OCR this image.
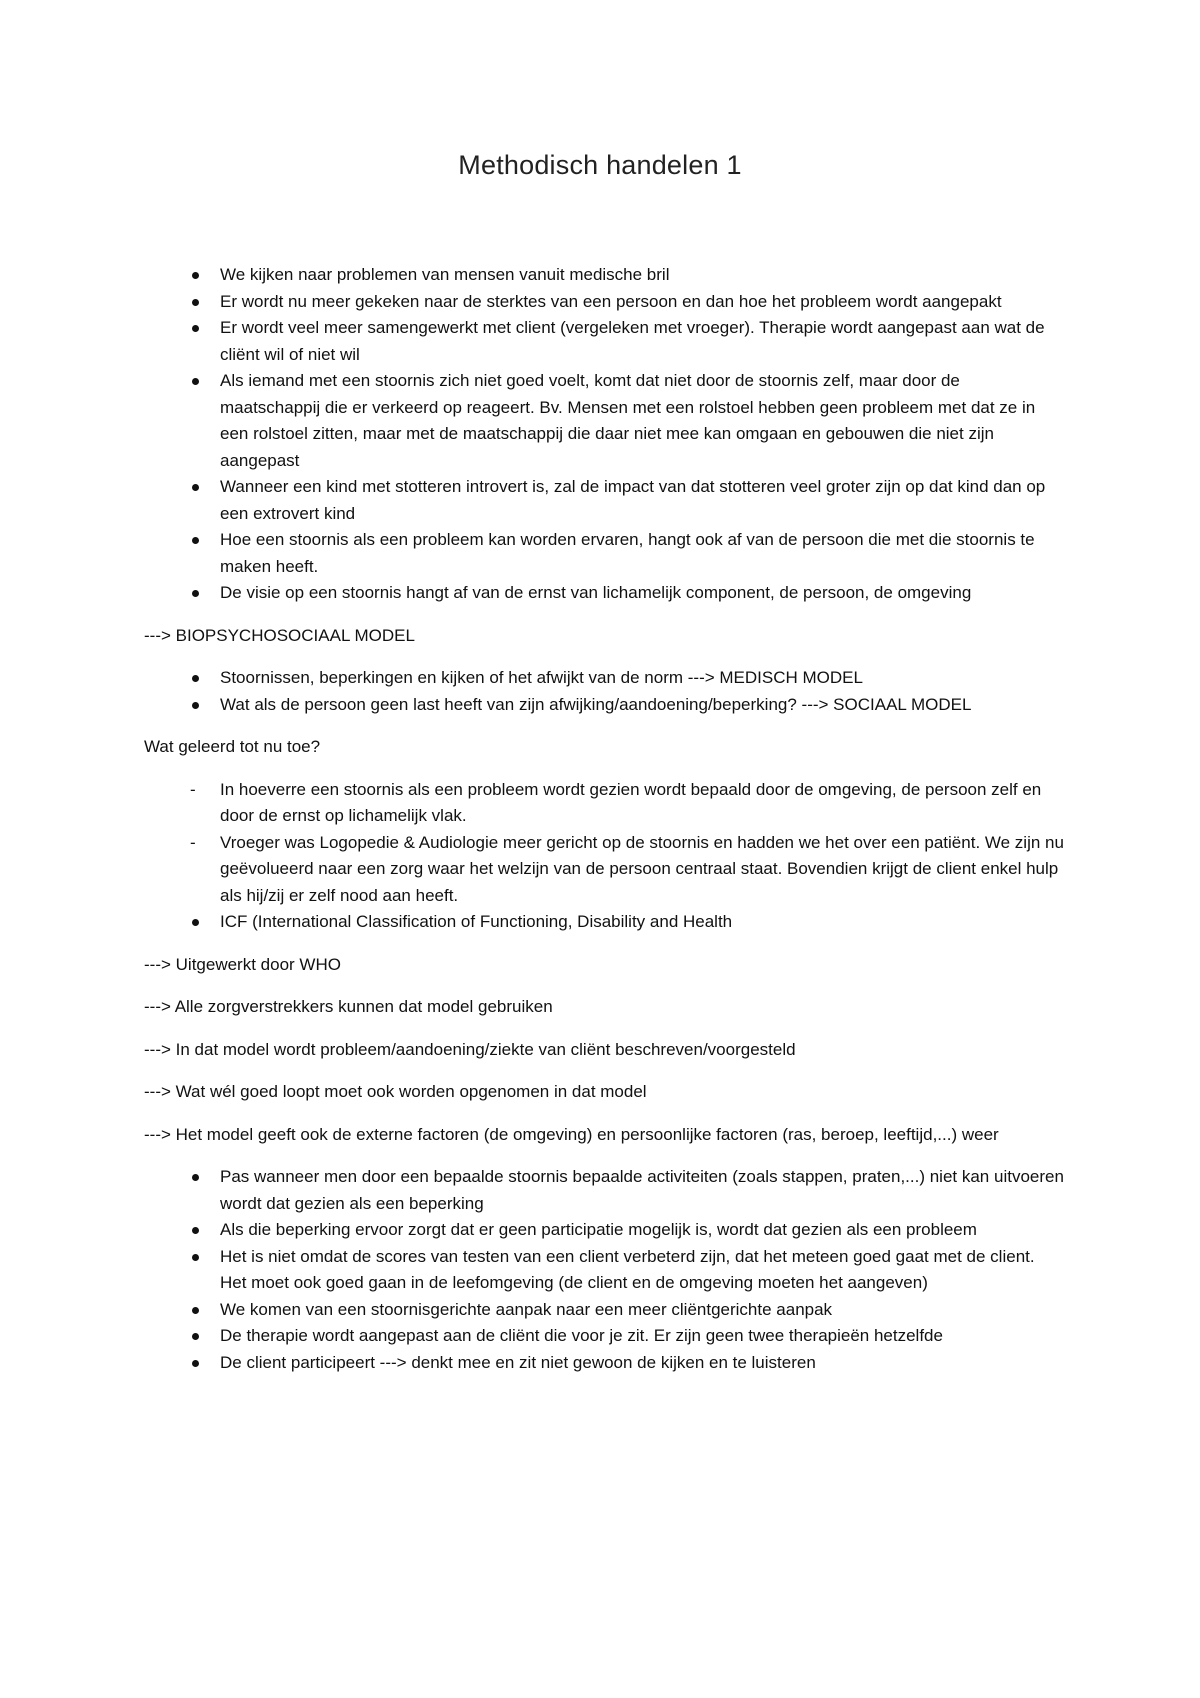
Methodisch handelen 1
We kijken naar problemen van mensen vanuit medische bril
Er wordt nu meer gekeken naar de sterktes van een persoon en dan hoe het probleem wordt aangepakt
Er wordt veel meer samengewerkt met client (vergeleken met vroeger). Therapie wordt aangepast aan wat de cliënt wil of niet wil
Als iemand met een stoornis zich niet goed voelt, komt dat niet door de stoornis zelf, maar door de maatschappij die er verkeerd op reageert. Bv. Mensen met een rolstoel hebben geen probleem met dat ze in een rolstoel zitten, maar met de maatschappij die daar niet mee kan omgaan en gebouwen die niet zijn aangepast
Wanneer een kind met stotteren introvert is, zal de impact van dat stotteren veel groter zijn op dat kind dan op een extrovert kind
Hoe een stoornis als een probleem kan worden ervaren, hangt ook af van de persoon die met die stoornis te maken heeft.
De visie op een stoornis hangt af van de ernst van lichamelijk component, de persoon, de omgeving

---> BIOPSYCHOSOCIAAL MODEL

Stoornissen, beperkingen en kijken of het afwijkt van de norm ---> MEDISCH MODEL
Wat als de persoon geen last heeft van zijn afwijking/aandoening/beperking? ---> SOCIAAL MODEL

Wat geleerd tot nu toe?

In hoeverre een stoornis als een probleem wordt gezien wordt bepaald door de omgeving, de persoon zelf en door de ernst op lichamelijk vlak.
Vroeger was Logopedie & Audiologie meer gericht op de stoornis en hadden we het over een patiënt. We zijn nu geëvolueerd naar een zorg waar het welzijn van de persoon centraal staat. Bovendien krijgt de client enkel hulp als hij/zij er zelf nood aan heeft.
ICF (International Classification of Functioning, Disability and Health

---> Uitgewerkt door WHO

---> Alle zorgverstrekkers kunnen dat model gebruiken

---> In dat model wordt probleem/aandoening/ziekte van cliënt beschreven/voorgesteld

---> Wat wél goed loopt moet ook worden opgenomen in dat model

---> Het model geeft ook de externe factoren (de omgeving) en persoonlijke factoren (ras, beroep, leeftijd,...) weer

Pas wanneer men door een bepaalde stoornis bepaalde activiteiten (zoals stappen, praten,...) niet kan uitvoeren wordt dat gezien als een beperking
Als die beperking ervoor zorgt dat er geen participatie mogelijk is, wordt dat gezien als een probleem
Het is niet omdat de scores van testen van een client verbeterd zijn, dat het meteen goed gaat met de client. Het moet ook goed gaan in de leefomgeving (de client en de omgeving moeten het aangeven)
We komen van een stoornisgerichte aanpak naar een meer cliëntgerichte aanpak
De therapie wordt aangepast aan de cliënt die voor je zit. Er zijn geen twee therapieën hetzelfde
De client participeert ---> denkt mee en zit niet gewoon de kijken en te luisteren
